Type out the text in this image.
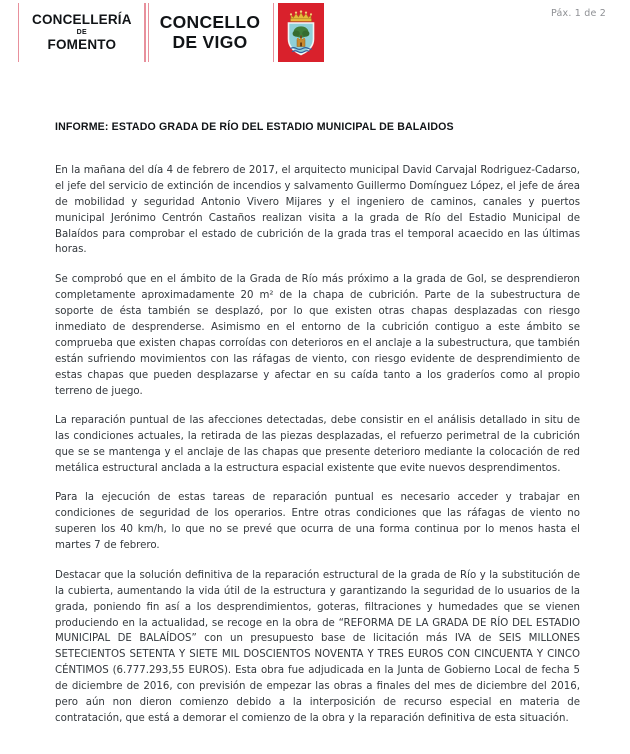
CONCELLERÍA
DE
FOMENTO
CONCELLO
DE VIGO
Páx. 1 de 2
INFORME: ESTADO GRADA DE RÍO DEL ESTADIO MUNICIPAL DE BALAIDOS

En la mañana del día 4 de febrero de 2017, el arquitecto municipal David Carvajal Rodriguez-Cadarso, el jefe del servicio de extinción de incendios y salvamento Guillermo Domínguez López, el jefe de área de mobilidad y seguridad Antonio Vivero Mijares y el ingeniero de caminos, canales y puertos municipal Jerónimo Centrón Castaños realizan visita a la grada de Río del Estadio Municipal de Balaídos para comprobar el estado de cubrición de la grada tras el temporal acaecido en las últimas horas.

Se comprobó que en el ámbito de la Grada de Río más próximo a la grada de Gol, se desprendieron completamente aproximadamente 20 m² de la chapa de cubrición. Parte de la subestructura de soporte de ésta también se desplazó, por lo que existen otras chapas desplazadas con riesgo inmediato de desprenderse. Asimismo en el entorno de la cubrición contiguo a este ámbito se comprueba que existen chapas corroídas con deterioros en el anclaje a la subestructura, que también están sufriendo movimientos con las ráfagas de viento, con riesgo evidente de desprendimiento de estas chapas que pueden desplazarse y afectar en su caída tanto a los graderíos como al propio terreno de juego.

La reparación puntual de las afecciones detectadas, debe consistir en el análisis detallado in situ de las condiciones actuales, la retirada de las piezas desplazadas, el refuerzo perimetral de la cubrición que se se mantenga y el anclaje de las chapas que presente deterioro mediante la colocación de red metálica estructural anclada a la estructura espacial existente que evite nuevos desprendimentos.

Para la ejecución de estas tareas de reparación puntual es necesario acceder y trabajar en condiciones de seguridad de los operarios. Entre otras condiciones que las ráfagas de viento no superen los 40 km/h, lo que no se prevé que ocurra de una forma continua por lo menos hasta el martes 7 de febrero.

Destacar que la solución definitiva de la reparación estructural de la grada de Río y la substitución de la cubierta, aumentando la vida útil de la estructura y garantizando la seguridad de lo usuarios de la grada, poniendo fin así a los desprendimientos, goteras, filtraciones y humedades que se vienen produciendo en la actualidad, se recoge en la obra de “REFORMA DE LA GRADA DE RÍO DEL ESTADIO MUNICIPAL DE BALAÍDOS” con un presupuesto base de licitación más IVA de SEIS MILLONES SETECIENTOS SETENTA Y SIETE MIL DOSCIENTOS NOVENTA Y TRES EUROS CON CINCUENTA Y CINCO CÉNTIMOS (6.777.293,55 EUROS). Esta obra fue adjudicada en la Junta de Gobierno Local de fecha 5 de diciembre de 2016, con previsión de empezar las obras a finales del mes de diciembre del 2016, pero aún non dieron comienzo debido a la interposición de recurso especial en materia de contratación, que está a demorar el comienzo de la obra y la reparación definitiva de esta situación.
